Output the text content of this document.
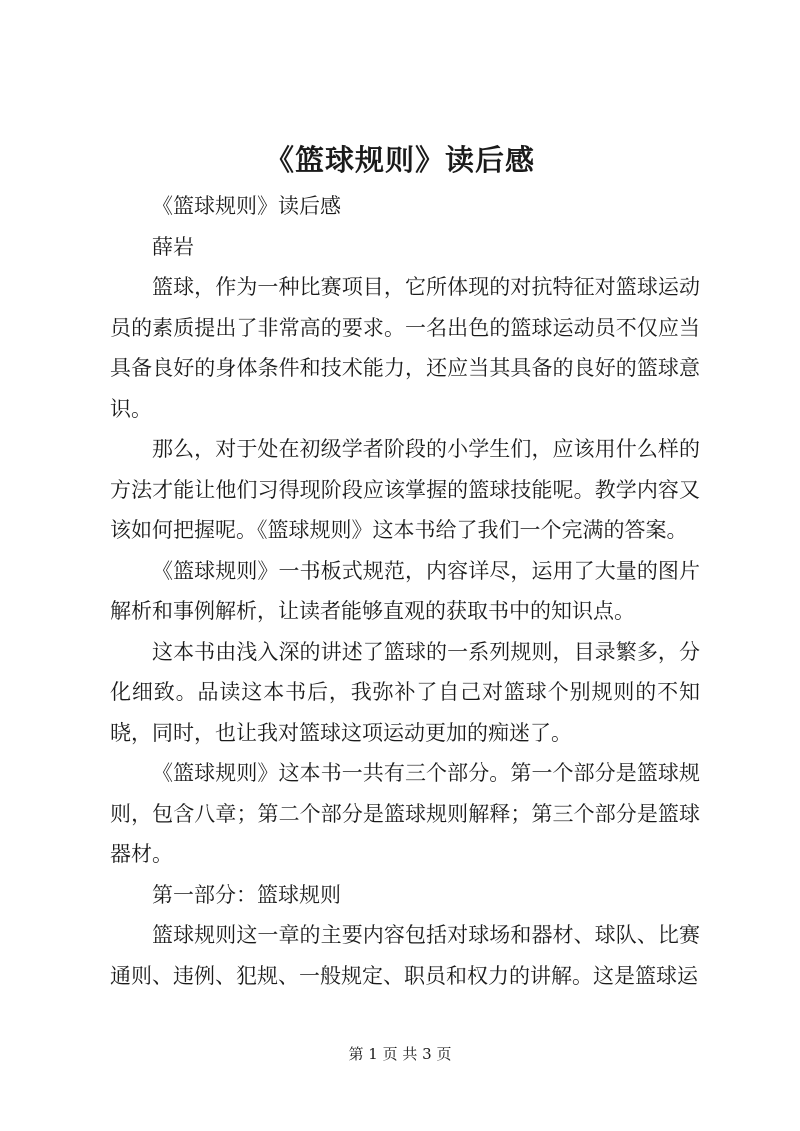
《篮球规则》读后感

《篮球规则》读后感

薛岩

篮球，作为一种比赛项目，它所体现的对抗特征对篮球运动员的素质提出了非常高的要求。一名出色的篮球运动员不仅应当具备良好的身体条件和技术能力，还应当其具备的良好的篮球意识。

那么，对于处在初级学者阶段的小学生们，应该用什么样的方法才能让他们习得现阶段应该掌握的篮球技能呢。教学内容又该如何把握呢。《篮球规则》这本书给了我们一个完满的答案。

《篮球规则》一书板式规范，内容详尽，运用了大量的图片解析和事例解析，让读者能够直观的获取书中的知识点。

这本书由浅入深的讲述了篮球的一系列规则，目录繁多，分化细致。品读这本书后，我弥补了自己对篮球个别规则的不知晓，同时，也让我对篮球这项运动更加的痴迷了。

《篮球规则》这本书一共有三个部分。第一个部分是篮球规则，包含八章；第二个部分是篮球规则解释；第三个部分是篮球器材。

第一部分：篮球规则

篮球规则这一章的主要内容包括对球场和器材、球队、比赛通则、违例、犯规、一般规定、职员和权力的讲解。这是篮球运

第 1 页 共 3 页
